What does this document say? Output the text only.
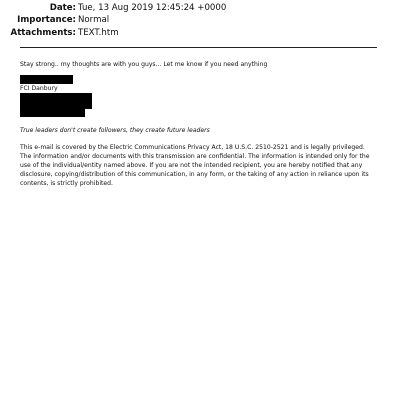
Date: Tue, 13 Aug 2019 12:45:24 +0000
Importance: Normal
Attachments: TEXT.htm
Stay strong.. my thoughts are with you guys... Let me know if you need anything
FCI Danbury
True leaders don't create followers, they create future leaders
This e-mail is covered by the Electric Communications Privacy Act, 18 U.S.C. 2510-2521 and is legally privileged. The information and/or documents with this transmission are confidential. The information is intended only for the use of the individual/entity named above. If you are not the intended recipient, you are hereby notified that any disclosure, copying/distribution of this communication, in any form, or the taking of any action in reliance upon its contents, is strictly prohibited.
